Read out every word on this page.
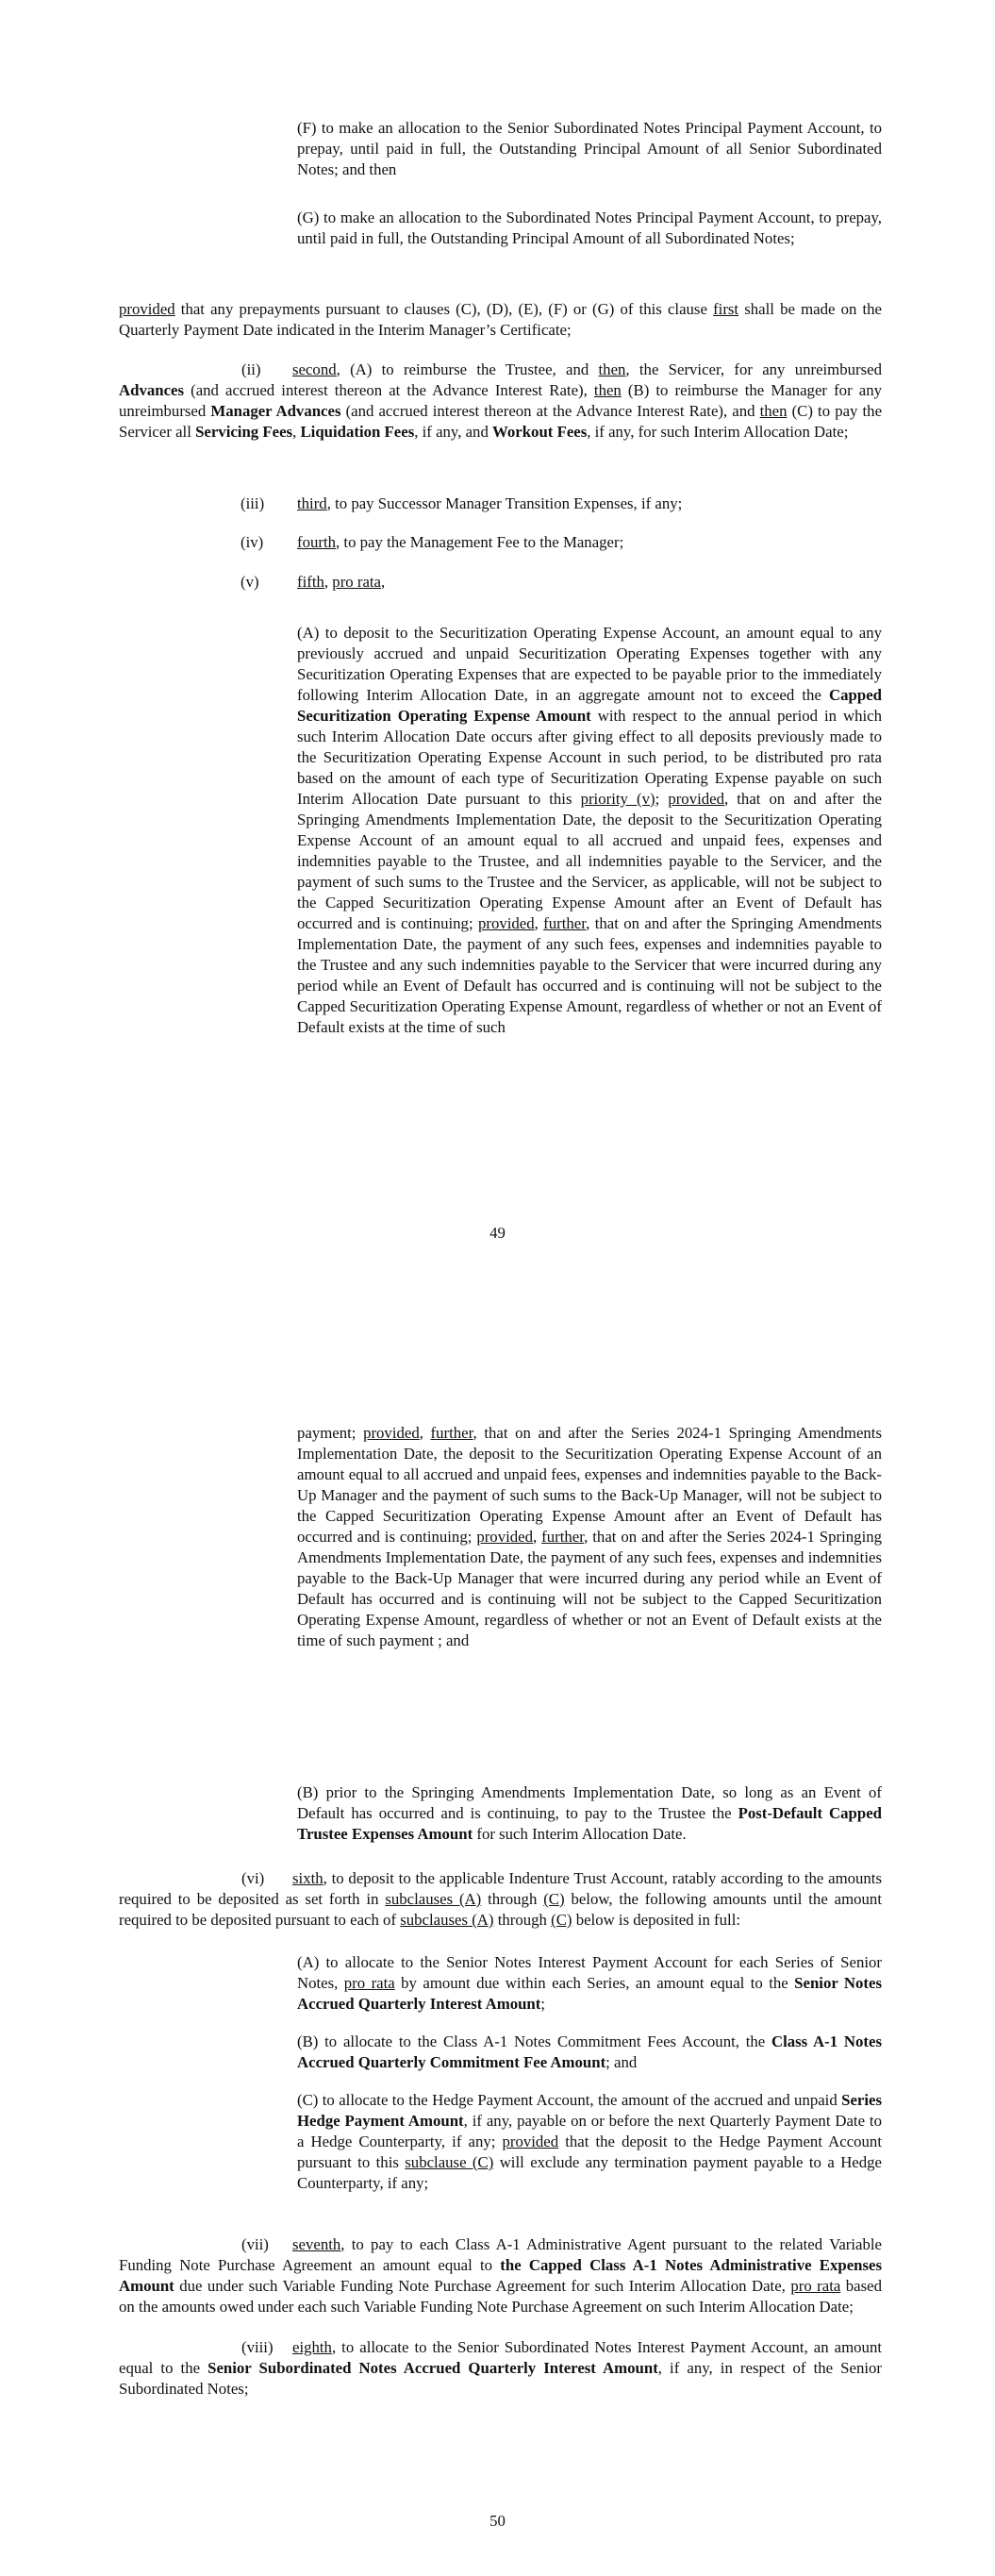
(F) to make an allocation to the Senior Subordinated Notes Principal Payment Account, to prepay, until paid in full, the Outstanding Principal Amount of all Senior Subordinated Notes; and then

(G) to make an allocation to the Subordinated Notes Principal Payment Account, to prepay, until paid in full, the Outstanding Principal Amount of all Subordinated Notes;

provided that any prepayments pursuant to clauses (C), (D), (E), (F) or (G) of this clause first shall be made on the Quarterly Payment Date indicated in the Interim Manager’s Certificate;

(ii) second, (A) to reimburse the Trustee, and then, the Servicer, for any unreimbursed Advances (and accrued interest thereon at the Advance Interest Rate), then (B) to reimburse the Manager for any unreimbursed Manager Advances (and accrued interest thereon at the Advance Interest Rate), and then (C) to pay the Servicer all Servicing Fees, Liquidation Fees, if any, and Workout Fees, if any, for such Interim Allocation Date;

(iii) third, to pay Successor Manager Transition Expenses, if any;
(iv) fourth, to pay the Management Fee to the Manager;
(v) fifth, pro rata,

(A) to deposit to the Securitization Operating Expense Account, an amount equal to any previously accrued and unpaid Securitization Operating Expenses together with any Securitization Operating Expenses that are expected to be payable prior to the immediately following Interim Allocation Date, in an aggregate amount not to exceed the Capped Securitization Operating Expense Amount with respect to the annual period in which such Interim Allocation Date occurs after giving effect to all deposits previously made to the Securitization Operating Expense Account in such period, to be distributed pro rata based on the amount of each type of Securitization Operating Expense payable on such Interim Allocation Date pursuant to this priority (v); provided, that on and after the Springing Amendments Implementation Date, the deposit to the Securitization Operating Expense Account of an amount equal to all accrued and unpaid fees, expenses and indemnities payable to the Trustee, and all indemnities payable to the Servicer, and the payment of such sums to the Trustee and the Servicer, as applicable, will not be subject to the Capped Securitization Operating Expense Amount after an Event of Default has occurred and is continuing; provided, further, that on and after the Springing Amendments Implementation Date, the payment of any such fees, expenses and indemnities payable to the Trustee and any such indemnities payable to the Servicer that were incurred during any period while an Event of Default has occurred and is continuing will not be subject to the Capped Securitization Operating Expense Amount, regardless of whether or not an Event of Default exists at the time of such

49

payment; provided, further, that on and after the Series 2024-1 Springing Amendments Implementation Date, the deposit to the Securitization Operating Expense Account of an amount equal to all accrued and unpaid fees, expenses and indemnities payable to the Back-Up Manager and the payment of such sums to the Back-Up Manager, will not be subject to the Capped Securitization Operating Expense Amount after an Event of Default has occurred and is continuing; provided, further, that on and after the Series 2024-1 Springing Amendments Implementation Date, the payment of any such fees, expenses and indemnities payable to the Back-Up Manager that were incurred during any period while an Event of Default has occurred and is continuing will not be subject to the Capped Securitization Operating Expense Amount, regardless of whether or not an Event of Default exists at the time of such payment ; and

(B) prior to the Springing Amendments Implementation Date, so long as an Event of Default has occurred and is continuing, to pay to the Trustee the Post-Default Capped Trustee Expenses Amount for such Interim Allocation Date.

(vi) sixth, to deposit to the applicable Indenture Trust Account, ratably according to the amounts required to be deposited as set forth in subclauses (A) through (C) below, the following amounts until the amount required to be deposited pursuant to each of subclauses (A) through (C) below is deposited in full:

(A) to allocate to the Senior Notes Interest Payment Account for each Series of Senior Notes, pro rata by amount due within each Series, an amount equal to the Senior Notes Accrued Quarterly Interest Amount;

(B) to allocate to the Class A-1 Notes Commitment Fees Account, the Class A-1 Notes Accrued Quarterly Commitment Fee Amount; and

(C) to allocate to the Hedge Payment Account, the amount of the accrued and unpaid Series Hedge Payment Amount, if any, payable on or before the next Quarterly Payment Date to a Hedge Counterparty, if any; provided that the deposit to the Hedge Payment Account pursuant to this subclause (C) will exclude any termination payment payable to a Hedge Counterparty, if any;

(vii) seventh, to pay to each Class A-1 Administrative Agent pursuant to the related Variable Funding Note Purchase Agreement an amount equal to the Capped Class A-1 Notes Administrative Expenses Amount due under such Variable Funding Note Purchase Agreement for such Interim Allocation Date, pro rata based on the amounts owed under each such Variable Funding Note Purchase Agreement on such Interim Allocation Date;

(viii) eighth, to allocate to the Senior Subordinated Notes Interest Payment Account, an amount equal to the Senior Subordinated Notes Accrued Quarterly Interest Amount, if any, in respect of the Senior Subordinated Notes;

50
